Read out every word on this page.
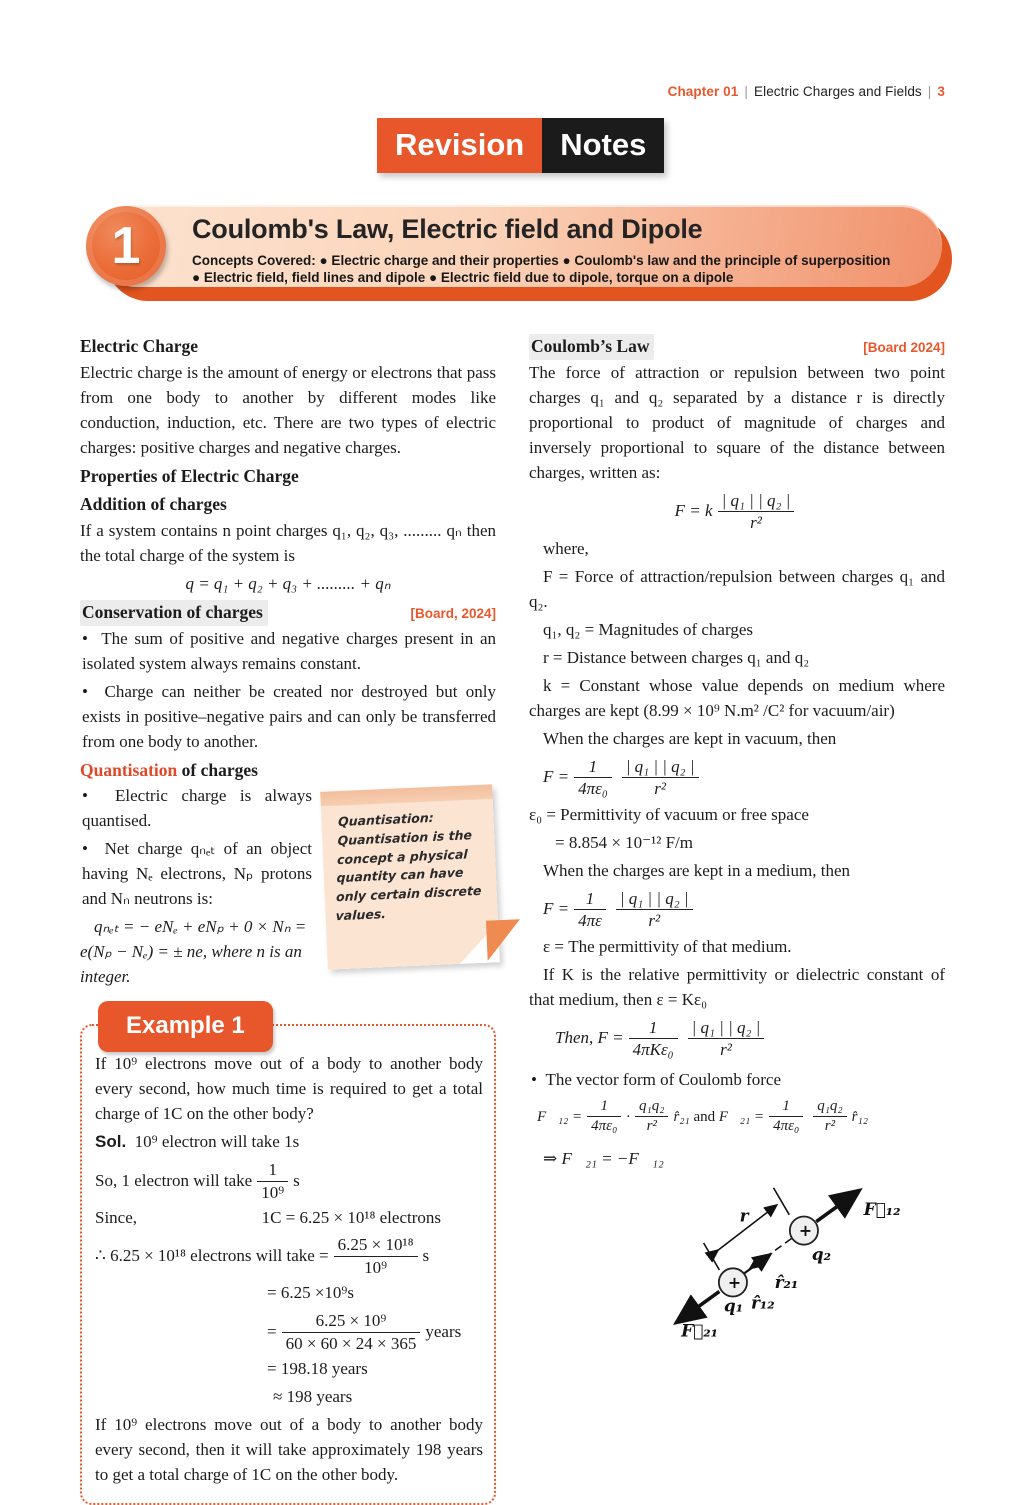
Chapter 01 | Electric Charges and Fields | 3
Revision	Notes
1 Coulomb's Law, Electric field and Dipole
Concepts Covered: ● Electric charge and their properties ● Coulomb's law and the principle of superposition ● Electric field, field lines and dipole ● Electric field due to dipole, torque on a dipole
Electric Charge

Electric charge is the amount of energy or electrons that pass from one body to another by different modes like conduction, induction, etc. There are two types of electric charges: positive charges and negative charges.

Properties of Electric Charge
Addition of charges

If a system contains n point charges q₁, q₂, q₃, ......... qₙ then the total charge of the system is

q = q₁ + q₂ + q₃ + ......... + qₙ

Conservation of charges	[Board, 2024]

•  The sum of positive and negative charges present in an isolated system always remains constant.

•  Charge can neither be created nor destroyed but only exists in positive–negative pairs and can only be transferred from one body to another.

Quantisation of charges
Quantisation:
Quantisation is the concept a physical quantity can have only certain discrete values.

•  Electric charge is always quantised.

•  Net charge qₙₑₜ of an object having Nₑ electrons, Nₚ protons and Nₙ neutrons is:

qₙₑₜ = − eNₑ + eNₚ + 0 × Nₙ = e(Nₚ − Nₑ) = ± ne, where n is an integer.

Example 1

If 10⁹ electrons move out of a body to another body every second, how much time is required to get a total charge of 1C on the other body?

Sol. 10⁹ electron will take 1s

So, 1 electron will take $\frac{1}{\text{10⁹}}$ s
Since,	1C = 6.25 × 10¹⁸ electrons
∴ 6.25 × 10¹⁸ electrons will take = $\frac{\text{6.25 × 10¹⁸}}{\text{10⁹}}$ s

= 6.25 ×10⁹s

= $\frac{\text{6.25 × 10⁹}}{60 \times 60 \times 24 \times 365}$ years

= 198.18 years

≈ 198 years

If 10⁹ electrons move out of a body to another body every second, then it will take approximately 198 years to get a total charge of 1C on the other body.

Coulomb’s Law	[Board 2024]

The force of attraction or repulsion between two point charges q₁ and q₂ separated by a distance r is directly proportional to product of magnitude of charges and inversely proportional to square of the distance between charges, written as:

F = k $\frac{\text{| q₁ | | q₂ |}}{\text{r²}}$

where,

F = Force of attraction/repulsion between charges q₁ and q₂.

q₁, q₂ = Magnitudes of charges

r = Distance between charges q₁ and q₂

k = Constant whose value depends on medium where charges are kept (8.99 × 10⁹ N.m² /C² for vacuum/air)

When the charges are kept in vacuum, then

$F = \frac{1}{\text{4πε₀}} \frac{\text{| q₁ | | q₂ |}}{\text{r²}}$

ε₀ = Permittivity of vacuum or free space

= 8.854 × 10⁻¹² F/m

When the charges are kept in a medium, then

$F = \frac{1}{4\pi\varepsilon} \frac{\text{| q₁ | | q₂ |}}{\text{r²}}$

ε = The permittivity of that medium.

If K is the relative permittivity or dielectric constant of that medium, then ε = Kε₀

Then, $F = \frac{1}{\text{4πKε₀}} \frac{\text{| q₁ | | q₂ |}}{\text{r²}}$

•  The vector form of Coulomb force

F⃗₁₂ = $\frac{1}{\text{4πε₀}} \cdot \frac{\text{q₁q₂}}{\text{r²}}$ r̂₂₁
and
F⃗₂₁ = $\frac{1}{\text{4πε₀}} \frac{\text{q₁q₂}}{\text{r²}}$ r̂₁₂

⇒ F⃗₂₁ = −F⃗₁₂

r
+
+
F⃗₁₂
q₂
r̂₂₁
r̂₁₂
q₁
F⃗₂₁
